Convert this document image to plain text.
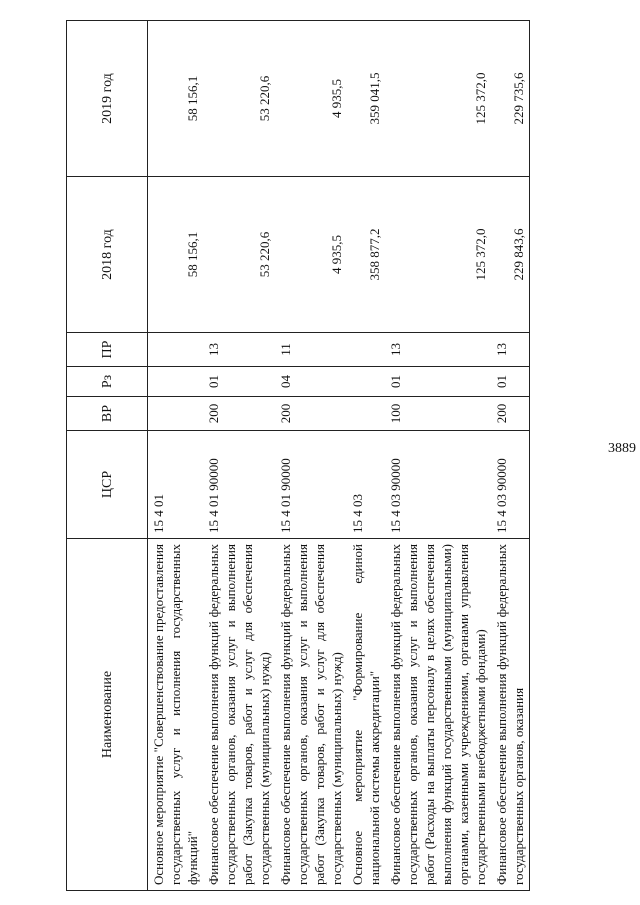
3889
Наименование	ЦСР	ВР	Рз	ПР	2018 год	2019 год
Основное мероприятие "Совершенствование предоставления государственных услуг и исполнения государственных функций"	15 4 01				58 156,1	58 156,1
Финансовое обеспечение выполнения функций федеральных государственных органов, оказания услуг и выполнения работ (Закупка товаров, работ и услуг для обеспечения государственных (муниципальных) нужд)	15 4 01 90000	200	01	13	53 220,6	53 220,6
Финансовое обеспечение выполнения функций федеральных государственных органов, оказания услуг и выполнения работ (Закупка товаров, работ и услуг для обеспечения государственных (муниципальных) нужд)	15 4 01 90000	200	04	11	4 935,5	4 935,5
Основное мероприятие "Формирование единой национальной системы аккредитации"	15 4 03				358 877,2	359 041,5
Финансовое обеспечение выполнения функций федеральных государственных органов, оказания услуг и выполнения работ (Расходы на выплаты персоналу в целях обеспечения выполнения функций государственными (муниципальными) органами, казенными учреждениями, органами управления государственными внебюджетными фондами)	15 4 03 90000	100	01	13	125 372,0	125 372,0
Финансовое обеспечение выполнения функций федеральных государственных органов, оказания	15 4 03 90000	200	01	13	229 843,6	229 735,6
